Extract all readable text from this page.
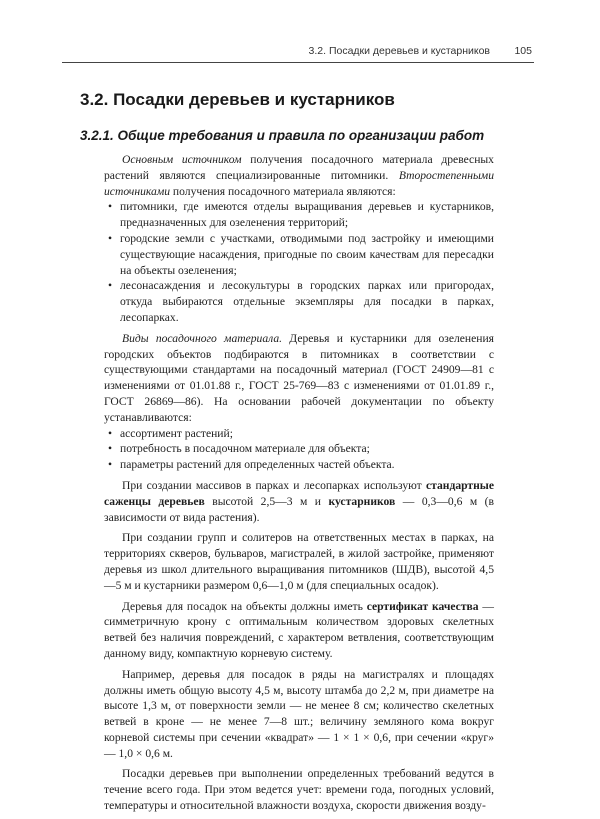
3.2. Посадки деревьев и кустарников 105
3.2. Посадки деревьев и кустарников
3.2.1. Общие требования и правила по организации работ

Основным источником получения посадочного материала древесных растений являются специализированные питомники. Второстепенными источниками получения посадочного материала являются:

• питомники, где имеются отделы выращивания деревьев и кустарников, предназначенных для озеленения территорий;
• городские земли с участками, отводимыми под застройку и имеющими существующие насаждения, пригодные по своим качествам для пересадки на объекты озеленения;
• лесонасаждения и лесокультуры в городских парках или пригородах, откуда выбираются отдельные экземпляры для посадки в парках, лесопарках.

Виды посадочного материала. Деревья и кустарники для озеленения городских объектов подбираются в питомниках в соответствии с существующими стандартами на посадочный материал (ГОСТ 24909—81 с изменениями от 01.01.88 г., ГОСТ 25-769—83 с изменениями от 01.01.89 г., ГОСТ 26869—86). На основании рабочей документации по объекту устанавливаются:

• ассортимент растений;
• потребность в посадочном материале для объекта;
• параметры растений для определенных частей объекта.

При создании массивов в парках и лесопарках используют стандартные саженцы деревьев высотой 2,5—3 м и кустарников — 0,3—0,6 м (в зависимости от вида растения).

При создании групп и солитеров на ответственных местах в парках, на территориях скверов, бульваров, магистралей, в жилой застройке, применяют деревья из школ длительного выращивания питомников (ШДВ), высотой 4,5—5 м и кустарники размером 0,6—1,0 м (для специальных осадок).

Деревья для посадок на объекты должны иметь сертификат качества — симметричную крону с оптимальным количеством здоровых скелетных ветвей без наличия повреждений, с характером ветвления, соответствующим данному виду, компактную корневую систему.

Например, деревья для посадок в ряды на магистралях и площадях должны иметь общую высоту 4,5 м, высоту штамба до 2,2 м, при диаметре на высоте 1,3 м, от поверхности земли — не менее 8 см; количество скелетных ветвей в кроне — не менее 7—8 шт.; величину земляного кома вокруг корневой системы при сечении «квадрат» — 1 × 1 × 0,6, при сечении «круг» — 1,0 × 0,6 м.

Посадки деревьев при выполнении определенных требований ведутся в течение всего года. При этом ведется учет: времени года, погодных условий, температуры и относительной влажности воздуха, скорости движения возду-
